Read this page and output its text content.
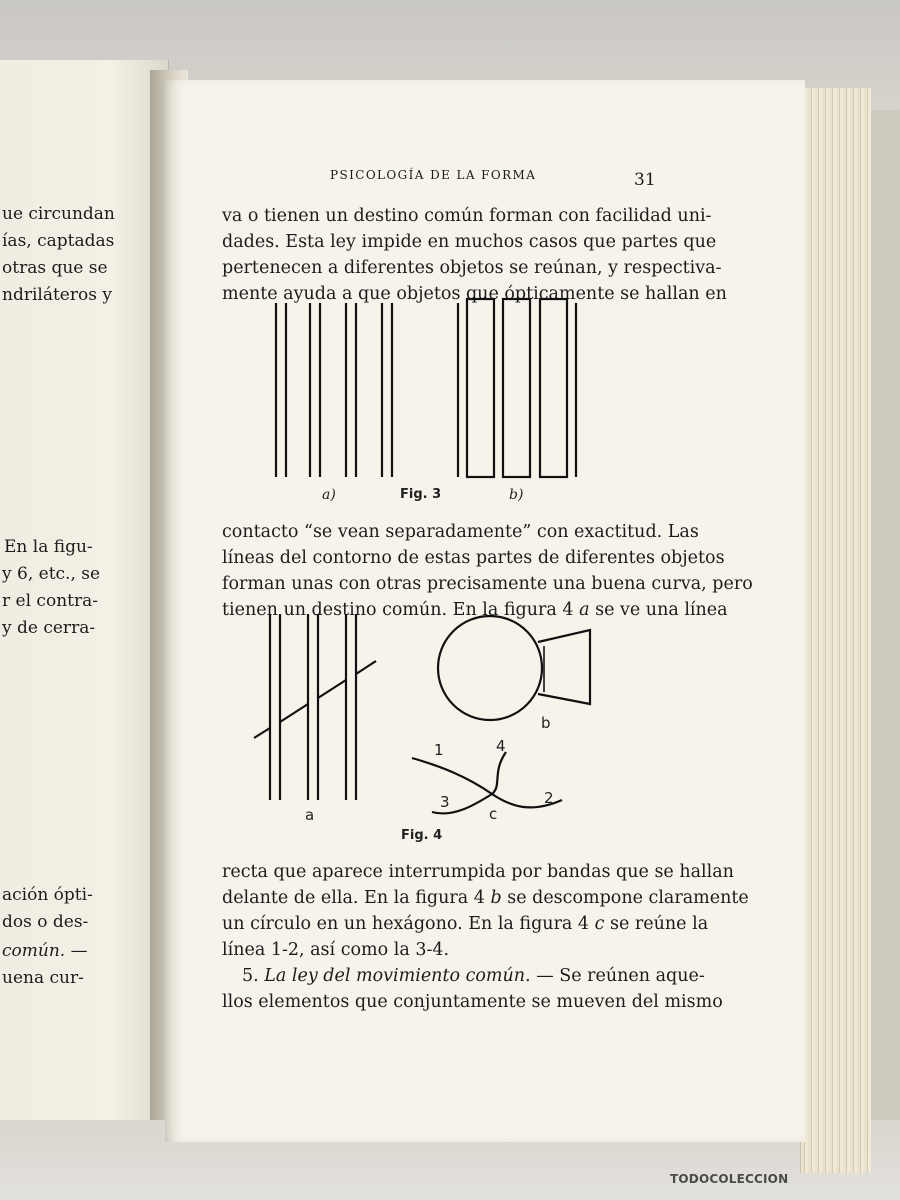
ue circundan
ías, captadas
otras que se
ndriláteros y
En la figu-
y 6, etc., se
r el contra-
y de cerra-
ación ópti-
dos o des-
común. —
uena cur-
PSICOLOGÍA DE LA FORMA	31
va o tienen un destino común forman con facilidad uni-
dades. Esta ley impide en muchos casos que partes que
pertenecen a diferentes objetos se reúnan, y respectiva-
mente ayuda a que objetos que ópticamente se hallan en
a)	Fig. 3	b)
contacto “se vean separadamente” con exactitud. Las
líneas del contorno de estas partes de diferentes objetos
forman unas con otras precisamente una buena curva, pero
tienen un destino común. En la figura 4 a se ve una línea
a
b
c
1
2
3
4
Fig. 4
recta que aparece interrumpida por bandas que se hallan
delante de ella. En la figura 4 b se descompone claramente
un círculo en un hexágono. En la figura 4 c se reúne la
línea 1-2, así como la 3-4.
5. La ley del movimiento común. — Se reúnen aque-
llos elementos que conjuntamente se mueven del mismo
TODOCOLECCION
